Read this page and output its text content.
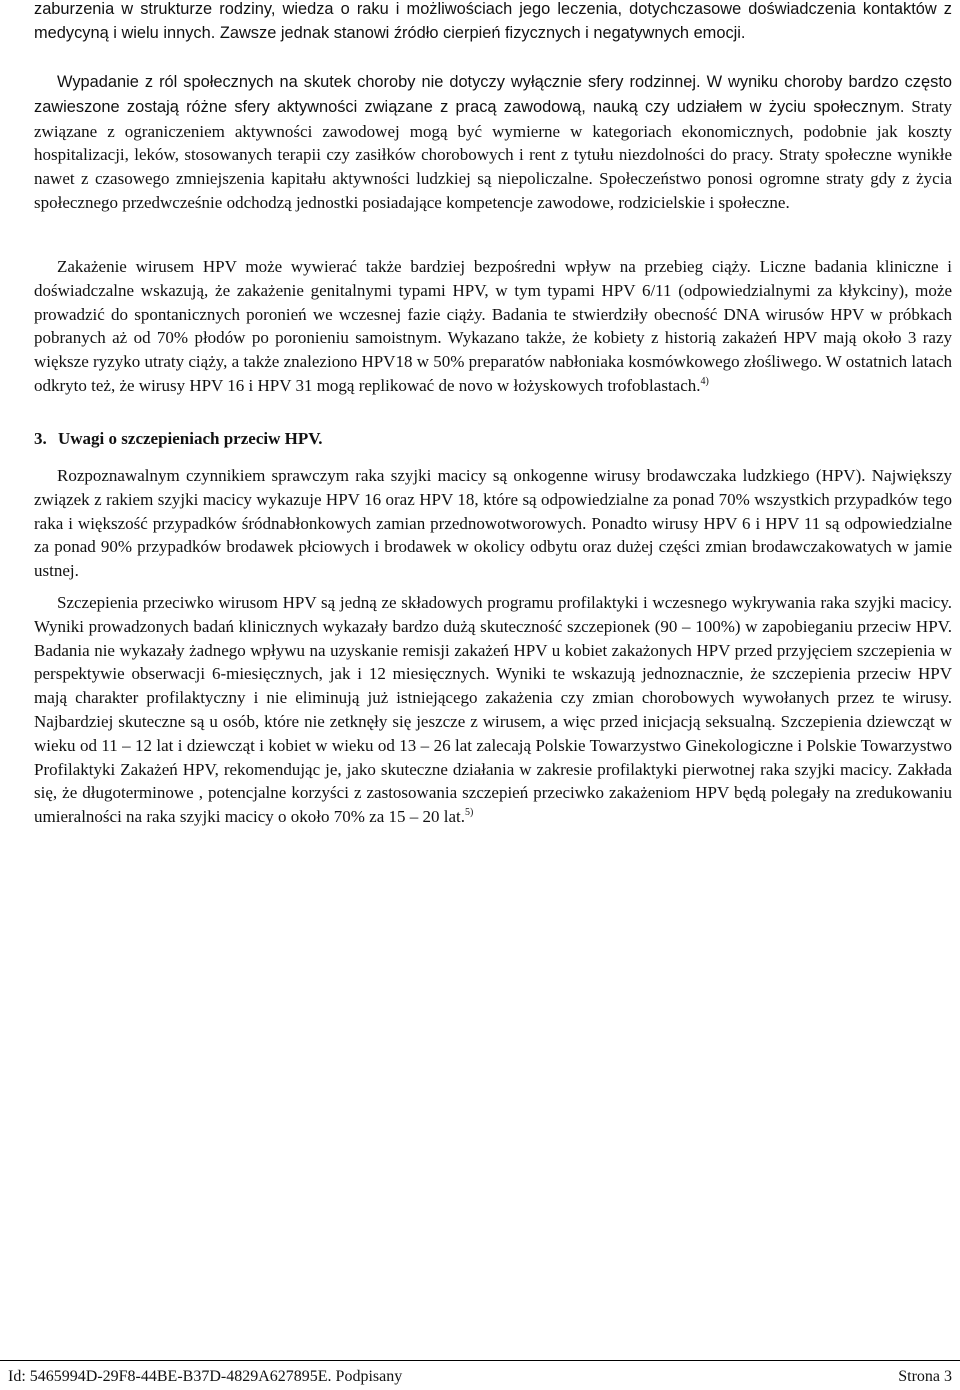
zaburzenia w strukturze rodziny, wiedza o raku i możliwościach jego leczenia, dotychczasowe doświadczenia kontaktów z medycyną i wielu innych. Zawsze jednak stanowi źródło cierpień fizycznych i negatywnych emocji.

Wypadanie z ról społecznych na skutek choroby nie dotyczy wyłącznie sfery rodzinnej. W wyniku choroby bardzo często zawieszone zostają różne sfery aktywności związane z pracą zawodową, nauką czy udziałem w życiu społecznym. Straty związane z ograniczeniem aktywności zawodowej mogą być wymierne w kategoriach ekonomicznych, podobnie jak koszty hospitalizacji, leków, stosowanych terapii czy zasiłków chorobowych i rent z tytułu niezdolności do pracy. Straty społeczne wynikłe nawet z czasowego zmniejszenia kapitału aktywności ludzkiej są niepoliczalne. Społeczeństwo ponosi ogromne straty gdy z życia społecznego przedwcześnie odchodzą jednostki posiadające kompetencje zawodowe, rodzicielskie i społeczne.

Zakażenie wirusem HPV może wywierać także bardziej bezpośredni wpływ na przebieg ciąży. Liczne badania kliniczne i doświadczalne wskazują, że zakażenie genitalnymi typami HPV, w tym typami HPV 6/11 (odpowiedzialnymi za kłykciny), może prowadzić do spontanicznych poronień we wczesnej fazie ciąży. Badania te stwierdziły obecność DNA wirusów HPV w próbkach pobranych aż od 70% płodów po poronieniu samoistnym. Wykazano także, że kobiety z historią zakażeń HPV mają około 3 razy większe ryzyko utraty ciąży, a także znaleziono HPV18 w 50% preparatów nabłoniaka kosmówkowego złośliwego. W ostatnich latach odkryto też, że wirusy HPV 16 i HPV 31 mogą replikować de novo w łożyskowych trofoblastach.$^{4)}$

3. Uwagi o szczepieniach przeciw HPV.

Rozpoznawalnym czynnikiem sprawczym raka szyjki macicy są onkogenne wirusy brodawczaka ludzkiego (HPV). Największy związek z rakiem szyjki macicy wykazuje HPV 16 oraz HPV 18, które są odpowiedzialne za ponad 70% wszystkich przypadków tego raka i większość przypadków śródnabłonkowych zamian przednowotworowych. Ponadto wirusy HPV 6 i HPV 11 są odpowiedzialne za ponad 90% przypadków brodawek płciowych i brodawek w okolicy odbytu oraz dużej części zmian brodawczakowatych w jamie ustnej.

Szczepienia przeciwko wirusom HPV są jedną ze składowych programu profilaktyki i wczesnego wykrywania raka szyjki macicy. Wyniki prowadzonych badań klinicznych wykazały bardzo dużą skuteczność szczepionek (90 – 100%) w zapobieganiu przeciw HPV. Badania nie wykazały żadnego wpływu na uzyskanie remisji zakażeń HPV u kobiet zakażonych HPV przed przyjęciem szczepienia w perspektywie obserwacji 6-miesięcznych, jak i 12 miesięcznych. Wyniki te wskazują jednoznacznie, że szczepienia przeciw HPV mają charakter profilaktyczny i nie eliminują już istniejącego zakażenia czy zmian chorobowych wywołanych przez te wirusy. Najbardziej skuteczne są u osób, które nie zetknęły się jeszcze z wirusem, a więc przed inicjacją seksualną. Szczepienia dziewcząt w wieku od 11 – 12 lat i dziewcząt i kobiet w wieku od 13 – 26 lat zalecają Polskie Towarzystwo Ginekologiczne i Polskie Towarzystwo Profilaktyki Zakażeń HPV, rekomendując je, jako skuteczne działania w zakresie profilaktyki pierwotnej raka szyjki macicy. Zakłada się, że długoterminowe , potencjalne korzyści z zastosowania szczepień przeciwko zakażeniom HPV będą polegały na zredukowaniu umieralności na raka szyjki macicy o około 70% za 15 – 20 lat.$^{5)}$

Id: 5465994D-29F8-44BE-B37D-4829A627895E. Podpisany	Strona 3
